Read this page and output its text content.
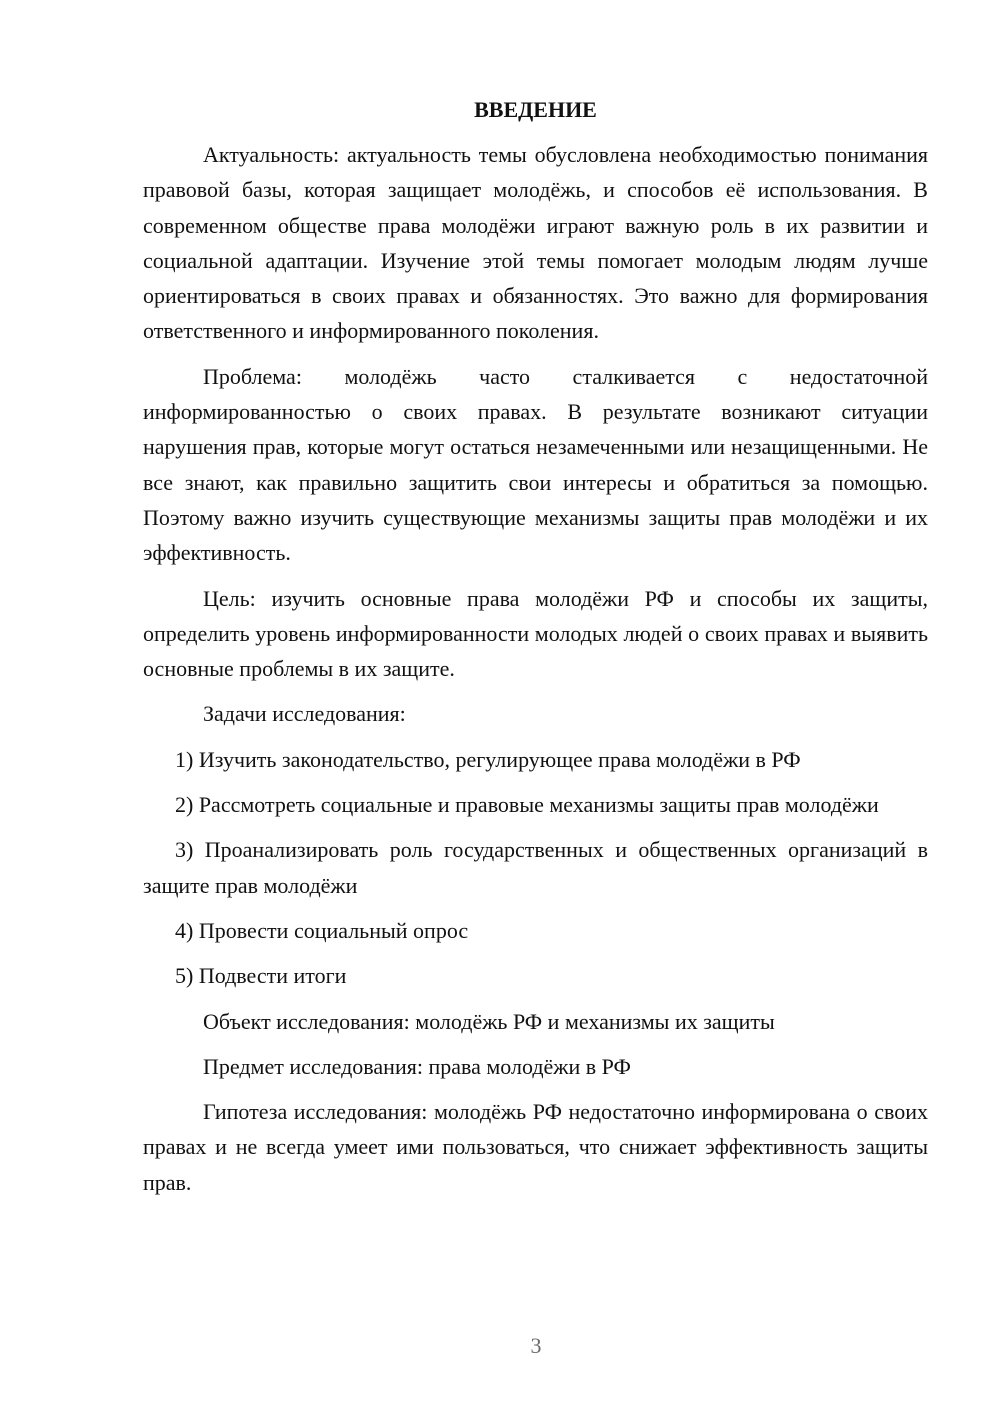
ВВЕДЕНИЕ

Актуальность: актуальность темы обусловлена необходимостью понимания правовой базы, которая защищает молодёжь, и способов её использования. В современном обществе права молодёжи играют важную роль в их развитии и социальной адаптации. Изучение этой темы помогает молодым людям лучше ориентироваться в своих правах и обязанностях. Это важно для формирования ответственного и информированного поколения.

Проблема: молодёжь часто сталкивается с недостаточной информированностью о своих правах. В результате возникают ситуации нарушения прав, которые могут остаться незамеченными или незащищенными. Не все знают, как правильно защитить свои интересы и обратиться за помощью. Поэтому важно изучить существующие механизмы защиты прав молодёжи и их эффективность.

Цель: изучить основные права молодёжи РФ и способы их защиты, определить уровень информированности молодых людей о своих правах и выявить основные проблемы в их защите.

Задачи исследования:

1) Изучить законодательство, регулирующее права молодёжи в РФ

2) Рассмотреть социальные и правовые механизмы защиты прав молодёжи

3) Проанализировать роль государственных и общественных организаций в защите прав молодёжи

4) Провести социальный опрос

5) Подвести итоги

Объект исследования: молодёжь РФ и механизмы их защиты

Предмет исследования: права молодёжи в РФ

Гипотеза исследования: молодёжь РФ недостаточно информирована о своих правах и не всегда умеет ими пользоваться, что снижает эффективность защиты прав.

3
